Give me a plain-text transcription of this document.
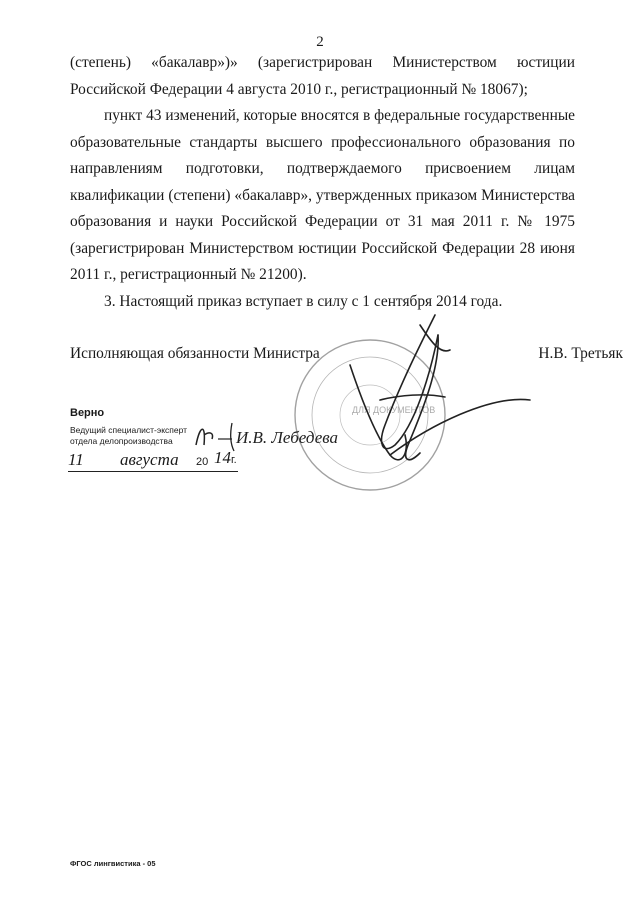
2

(степень) «бакалавр»)» (зарегистрирован Министерством юстиции Российской Федерации 4 августа 2010 г., регистрационный № 18067);

пункт 43 изменений, которые вносятся в федеральные государственные образовательные стандарты высшего профессионального образования по направлениям подготовки, подтверждаемого присвоением лицам квалификации (степени) «бакалавр», утвержденных приказом Министерства образования и науки Российской Федерации от 31 мая 2011 г. № 1975 (зарегистрирован Министерством юстиции Российской Федерации 28 июня 2011 г., регистрационный № 21200).

3. Настоящий приказ вступает в силу с 1 сентября 2014 года.

Исполняющая обязанности Министра	Н.В. Третьяк
ДЛЯ ДОКУМЕНТОВ
Верно
Ведущий специалист-эксперт
отдела делопроизводства	И.В. Лебедева
11 августа 20 14г.
ФГОС лингвистика - 05
